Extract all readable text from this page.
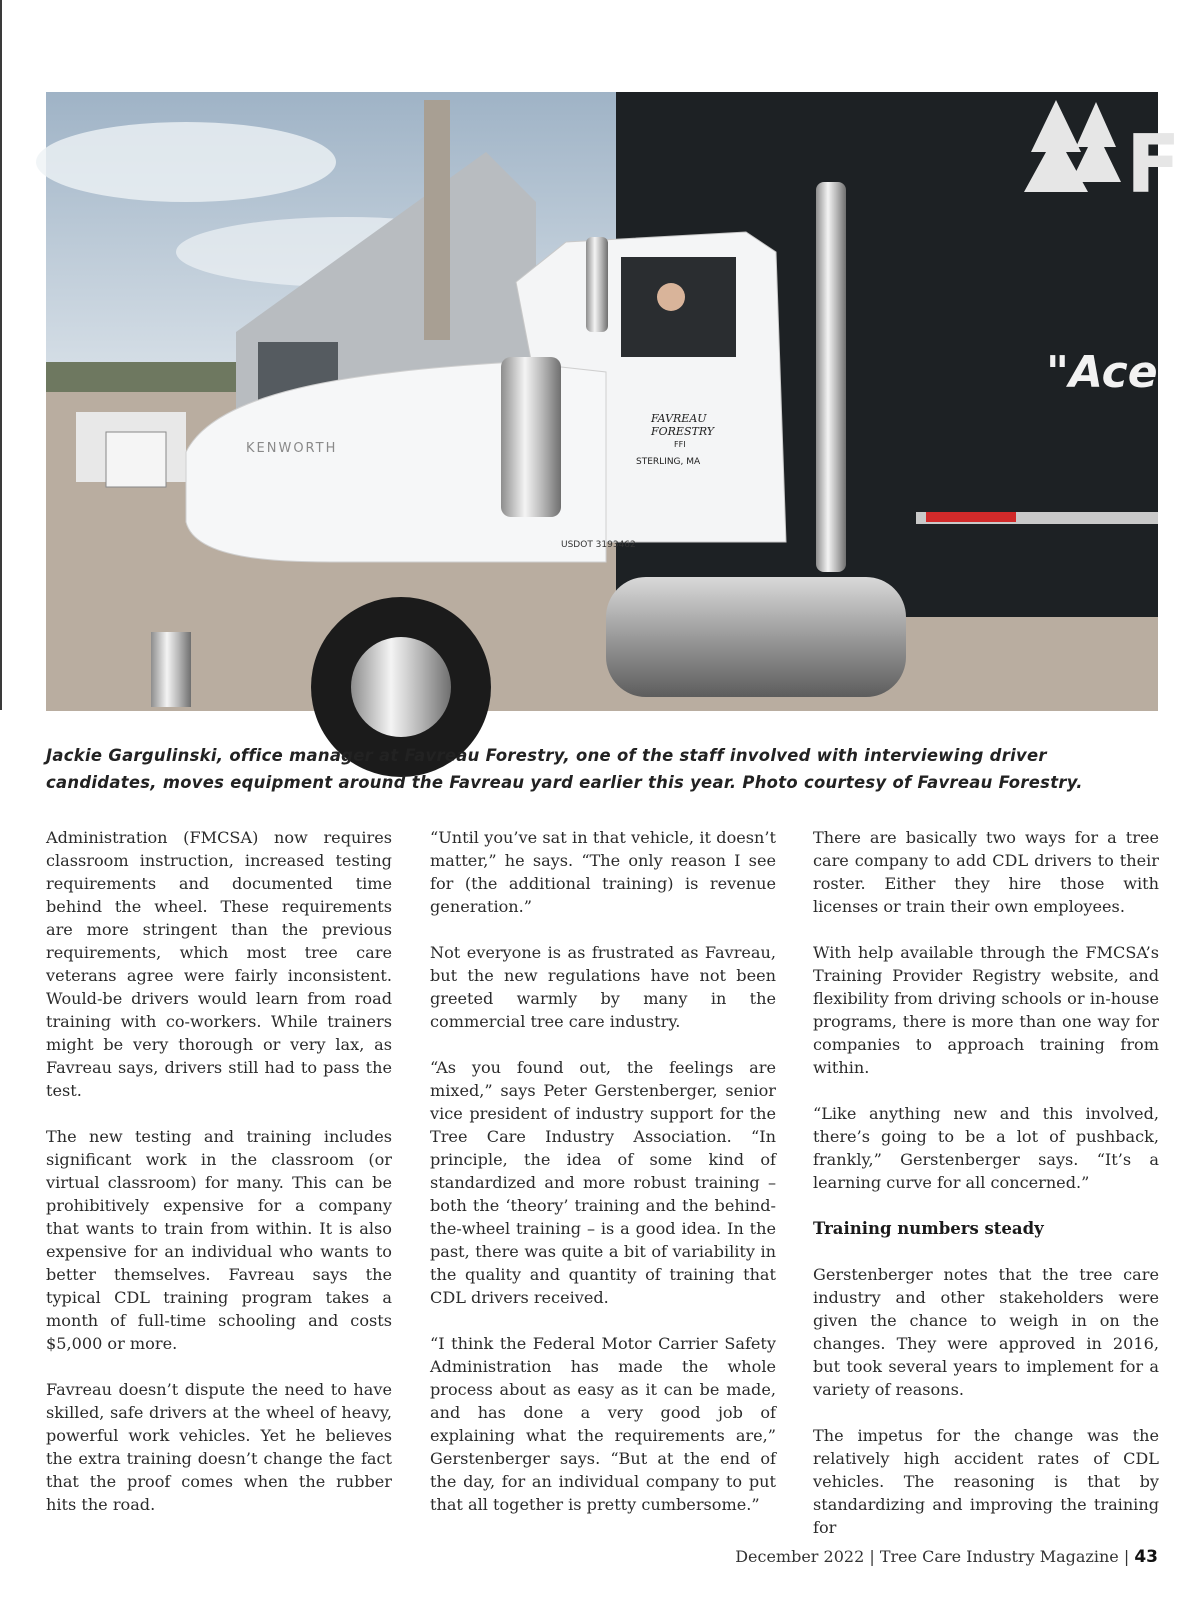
F
"Ace
KENWORTH
FAVREAU
FORESTRY
FFI
STERLING, MA
USDOT 3193462
Jackie Gargulinski, office manager at Favreau Forestry, one of the staff involved with interviewing driver candidates, moves equipment around the Favreau yard earlier this year. Photo courtesy of Favreau Forestry.

Administration (FMCSA) now requires classroom instruction, increased testing requirements and documented time behind the wheel. These requirements are more stringent than the previous requirements, which most tree care veterans agree were fairly inconsistent. Would-be drivers would learn from road training with co-workers. While trainers might be very thorough or very lax, as Favreau says, drivers still had to pass the test.

The new testing and training includes significant work in the classroom (or virtual classroom) for many. This can be prohibitively expensive for a company that wants to train from within. It is also expensive for an individual who wants to better themselves. Favreau says the typical CDL training program takes a month of full-time schooling and costs $5,000 or more.

Favreau doesn’t dispute the need to have skilled, safe drivers at the wheel of heavy, powerful work vehicles. Yet he believes the extra training doesn’t change the fact that the proof comes when the rubber hits the road.

“Until you’ve sat in that vehicle, it doesn’t matter,” he says. “The only reason I see for (the additional training) is revenue generation.”

Not everyone is as frustrated as Favreau, but the new regulations have not been greeted warmly by many in the commercial tree care industry.

“As you found out, the feelings are mixed,” says Peter Gerstenberger, senior vice president of industry support for the Tree Care Industry Association. “In principle, the idea of some kind of standardized and more robust training – both the ‘theory’ training and the behind-the-wheel training – is a good idea. In the past, there was quite a bit of variability in the quality and quantity of training that CDL drivers received.

“I think the Federal Motor Carrier Safety Administration has made the whole process about as easy as it can be made, and has done a very good job of explaining what the requirements are,” Gerstenberger says. “But at the end of the day, for an individual company to put that all together is pretty cumbersome.”

There are basically two ways for a tree care company to add CDL drivers to their roster. Either they hire those with licenses or train their own employees.

With help available through the FMCSA’s Training Provider Registry website, and flexibility from driving schools or in-house programs, there is more than one way for companies to approach training from within.

“Like anything new and this involved, there’s going to be a lot of pushback, frankly,” Gerstenberger says. “It’s a learning curve for all concerned.”

Training numbers steady

Gerstenberger notes that the tree care industry and other stakeholders were given the chance to weigh in on the changes. They were approved in 2016, but took several years to implement for a variety of reasons.

The impetus for the change was the relatively high accident rates of CDL vehicles. The reasoning is that by standardizing and improving the training for

December 2022 | Tree Care Industry Magazine | 43
